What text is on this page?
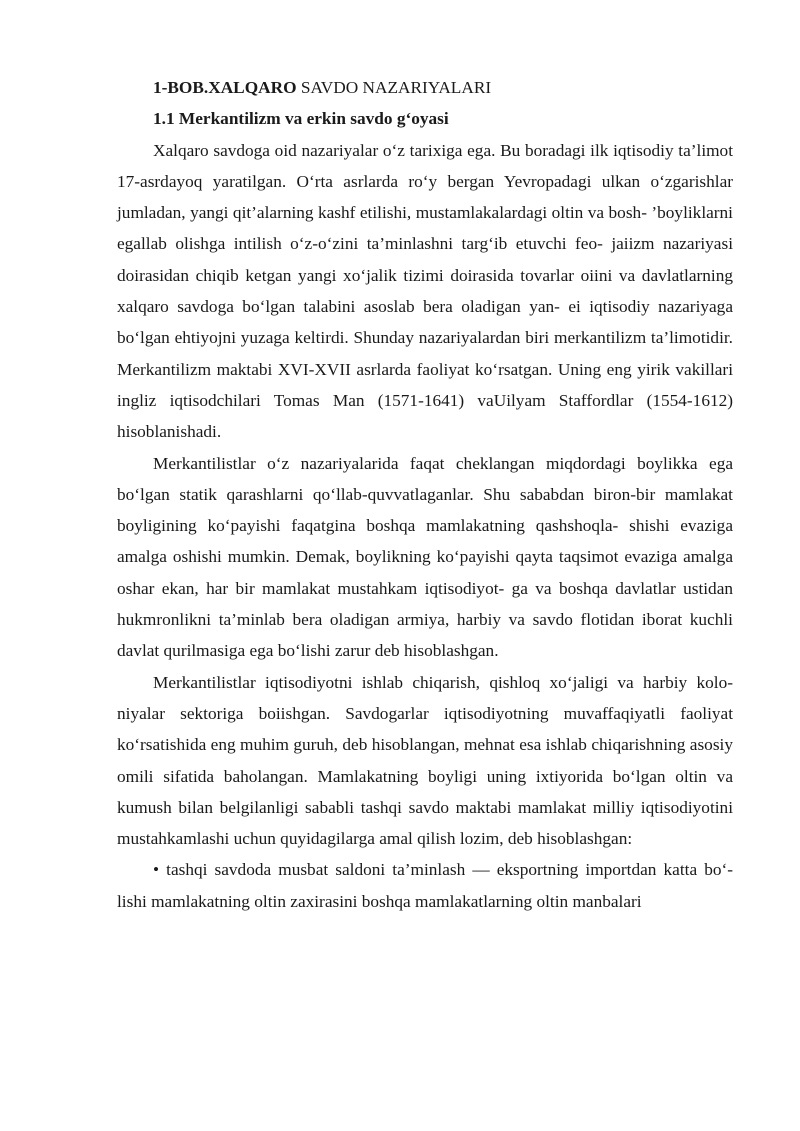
1-BOB.XALQARO SAVDO NAZARIYALARI

1.1 Merkantilizm va erkin savdo g‘oyasi

Xalqaro savdoga oid nazariyalar o‘z tarixiga ega. Bu boradagi ilk iqtisodiy ta’limot 17-asrdayoq yaratilgan. O‘rta asrlarda ro‘y bergan Yevropadagi ulkan o‘zgarishlar jumladan, yangi qit’alarning kashf etilishi, mustamlakalardagi oltin va bosh- ’boyliklarni egallab olishga intilish o‘z-o‘zini ta’minlashni targ‘ib etuvchi feo- jaiizm nazariyasi doirasidan chiqib ketgan yangi xo‘jalik tizimi doirasida tovarlar oiini va davlatlarning xalqaro savdoga bo‘lgan talabini asoslab bera oladigan yan- ei iqtisodiy nazariyaga bo‘lgan ehtiyojni yuzaga keltirdi. Shunday nazariyalardan biri merkantilizm ta’limotidir. Merkantilizm maktabi XVI-XVII asrlarda faoliyat ko‘rsatgan. Uning eng yirik vakillari ingliz iqtisodchilari Tomas Man (1571-1641) vaUilyam Staffordlar (1554-1612) hisoblanishadi.

Merkantilistlar o‘z nazariyalarida faqat cheklangan miqdordagi boylikka ega bo‘lgan statik qarashlarni qo‘llab-quvvatlaganlar. Shu sababdan biron-bir mamlakat boyligining ko‘payishi faqatgina boshqa mamlakatning qashshoqla- shishi evaziga amalga oshishi mumkin. Demak, boylikning ko‘payishi qayta taqsimot evaziga amalga oshar ekan, har bir mamlakat mustahkam iqtisodiyot- ga va boshqa davlatlar ustidan hukmronlikni ta’minlab bera oladigan armiya, harbiy va savdo flotidan iborat kuchli davlat qurilmasiga ega bo‘lishi zarur deb hisoblashgan.

Merkantilistlar iqtisodiyotni ishlab chiqarish, qishloq xo‘jaligi va harbiy kolo- niyalar sektoriga boiishgan. Savdogarlar iqtisodiyotning muvaffaqiyatli faoliyat ko‘rsatishida eng muhim guruh, deb hisoblangan, mehnat esa ishlab chiqarishning asosiy omili sifatida baholangan. Mamlakatning boyligi uning ixtiyorida bo‘lgan oltin va kumush bilan belgilanligi sababli tashqi savdo maktabi mamlakat milliy iqtisodiyotini mustahkamlashi uchun quyidagilarga amal qilish lozim, deb hisoblashgan:

• tashqi savdoda musbat saldoni ta’minlash — eksportning importdan katta bo‘- lishi mamlakatning oltin zaxirasini boshqa mamlakatlarning oltin manbalari
